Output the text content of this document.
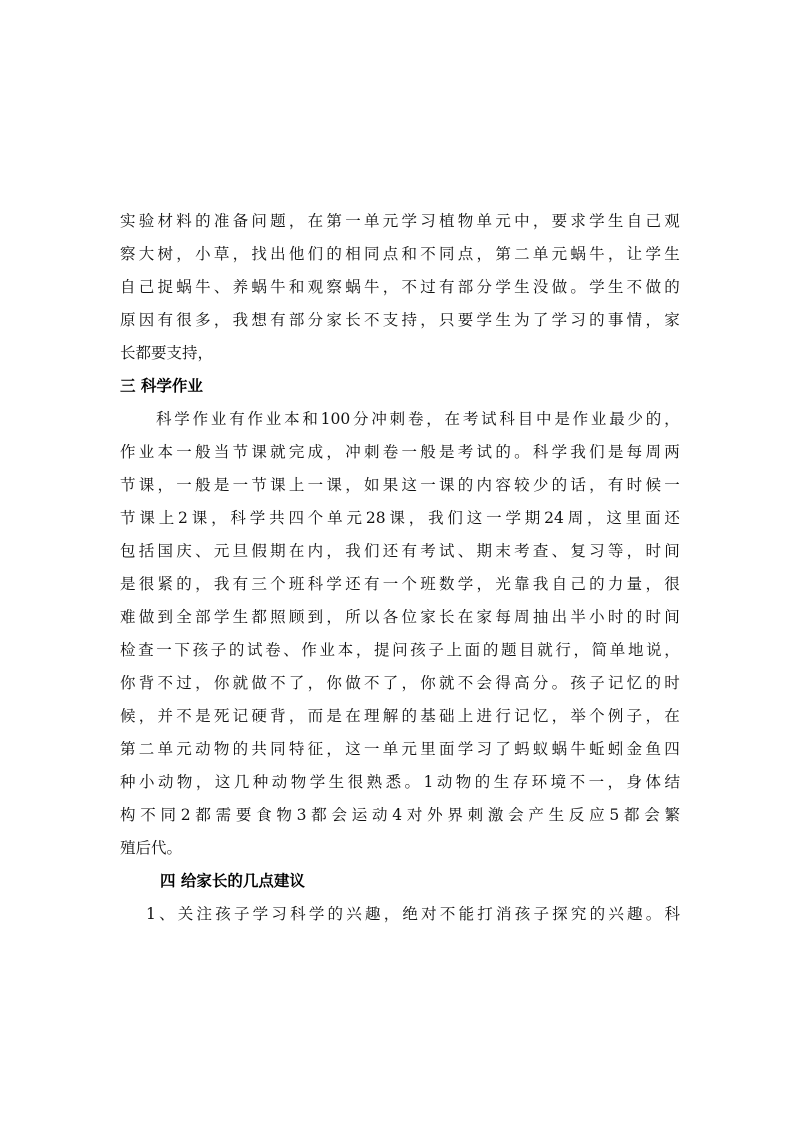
实 验 材 料 的 准 备 问 题 ， 在 第 一 单 元 学 习 植 物 单 元 中 ， 要 求 学 生 自 己 观
察 大 树 ， 小 草 ， 找 出 他 们 的 相 同 点 和 不 同 点 ， 第 二 单 元 蜗 牛 ， 让 学 生
自 己 捉 蜗 牛 、 养 蜗 牛 和 观 察 蜗 牛 ， 不 过 有 部 分 学 生 没 做 。 学 生 不 做 的
原 因 有 很 多 ， 我 想 有 部 分 家 长 不 支 持 ， 只 要 学 生 为 了 学 习 的 事 情 ， 家
长都要支持，
三 科学作业
科 学 作 业 有 作 业 本 和 100 分 冲 刺 卷 ， 在 考 试 科 目 中 是 作 业 最 少 的 ，
作 业 本 一 般 当 节 课 就 完 成 ， 冲 刺 卷 一 般 是 考 试 的 。 科 学 我 们 是 每 周 两
节 课 ， 一 般 是 一 节 课 上 一 课 ， 如 果 这 一 课 的 内 容 较 少 的 话 ， 有 时 候 一
节 课 上 2 课 ， 科 学 共 四 个 单 元 28 课 ， 我 们 这 一 学 期 24 周 ， 这 里 面 还
包 括 国 庆 、 元 旦 假 期 在 内 ， 我 们 还 有 考 试 、 期 末 考 查 、 复 习 等 ， 时 间
是 很 紧 的 ， 我 有 三 个 班 科 学 还 有 一 个 班 数 学 ， 光 靠 我 自 己 的 力 量 ， 很
难 做 到 全 部 学 生 都 照 顾 到 ， 所 以 各 位 家 长 在 家 每 周 抽 出 半 小 时 的 时 间
检 查 一 下 孩 子 的 试 卷 、 作 业 本 ， 提 问 孩 子 上 面 的 题 目 就 行 ， 简 单 地 说 ，
你 背 不 过 ， 你 就 做 不 了 ， 你 做 不 了 ， 你 就 不 会 得 高 分 。 孩 子 记 忆 的 时
候 ， 并 不 是 死 记 硬 背 ， 而 是 在 理 解 的 基 础 上 进 行 记 忆 ， 举 个 例 子 ， 在
第 二 单 元 动 物 的 共 同 特 征 ， 这 一 单 元 里 面 学 习 了 蚂 蚁 蜗 牛 蚯 蚓 金 鱼 四
种 小 动 物 ， 这 几 种 动 物 学 生 很 熟 悉 。 1 动 物 的 生 存 环 境 不 一 ， 身 体 结
构 不 同 2 都 需 要 食 物 3 都 会 运 动 4 对 外 界 刺 激 会 产 生 反 应 5 都 会 繁
殖后代。
四 给家长的几点建议
1 、 关 注 孩 子 学 习 科 学 的 兴 趣 ， 绝 对 不 能 打 消 孩 子 探 究 的 兴 趣 。 科
